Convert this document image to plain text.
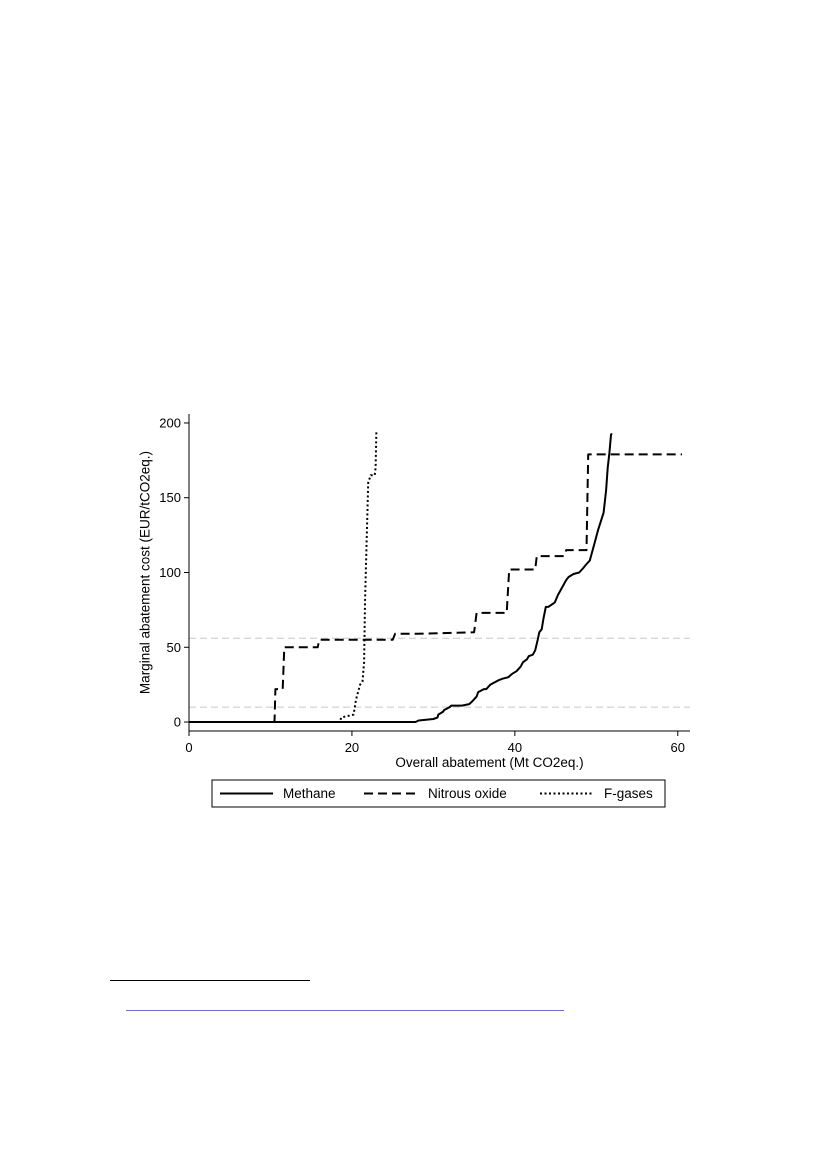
0
50
100
150
200
0	20	40	60
Marginal abatement cost (EUR/tCO2eq.)
Overall abatement (Mt CO2eq.)
Methane	Nitrous oxide	F-gases
